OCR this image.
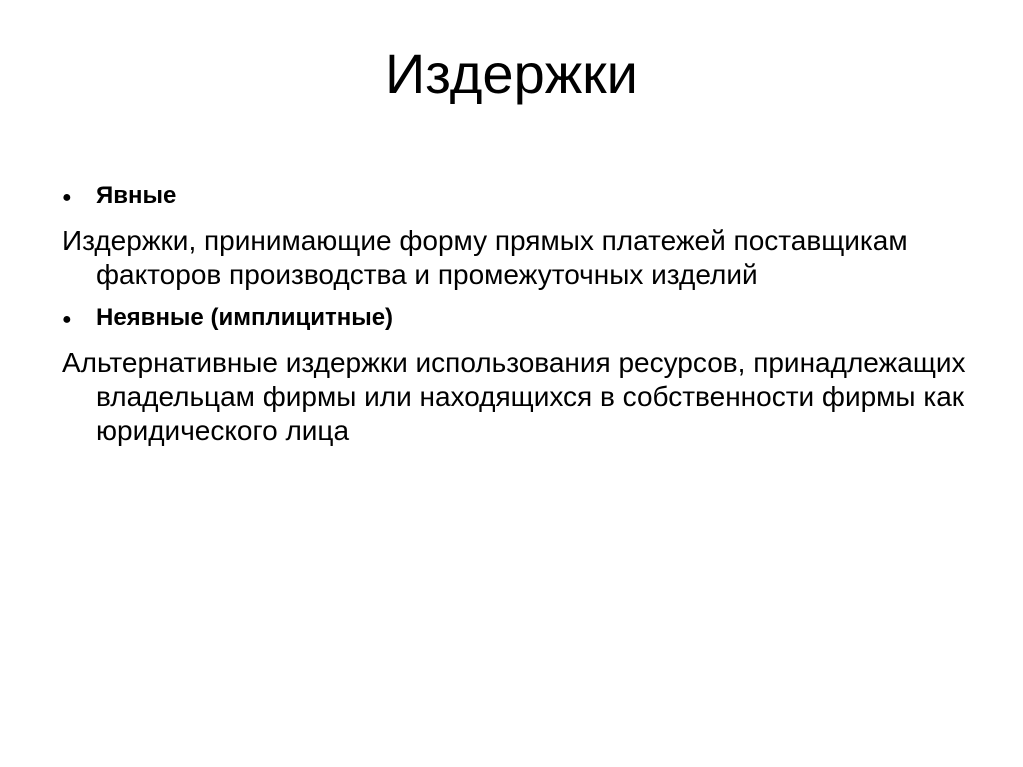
Издержки
●	Явные
Издержки, принимающие форму прямых платежей поставщикам факторов производства и промежуточных изделий
●	Неявные (имплицитные)
Альтернативные издержки использования ресурсов, принадлежащих владельцам фирмы или находящихся в собственности фирмы как юридического лица
